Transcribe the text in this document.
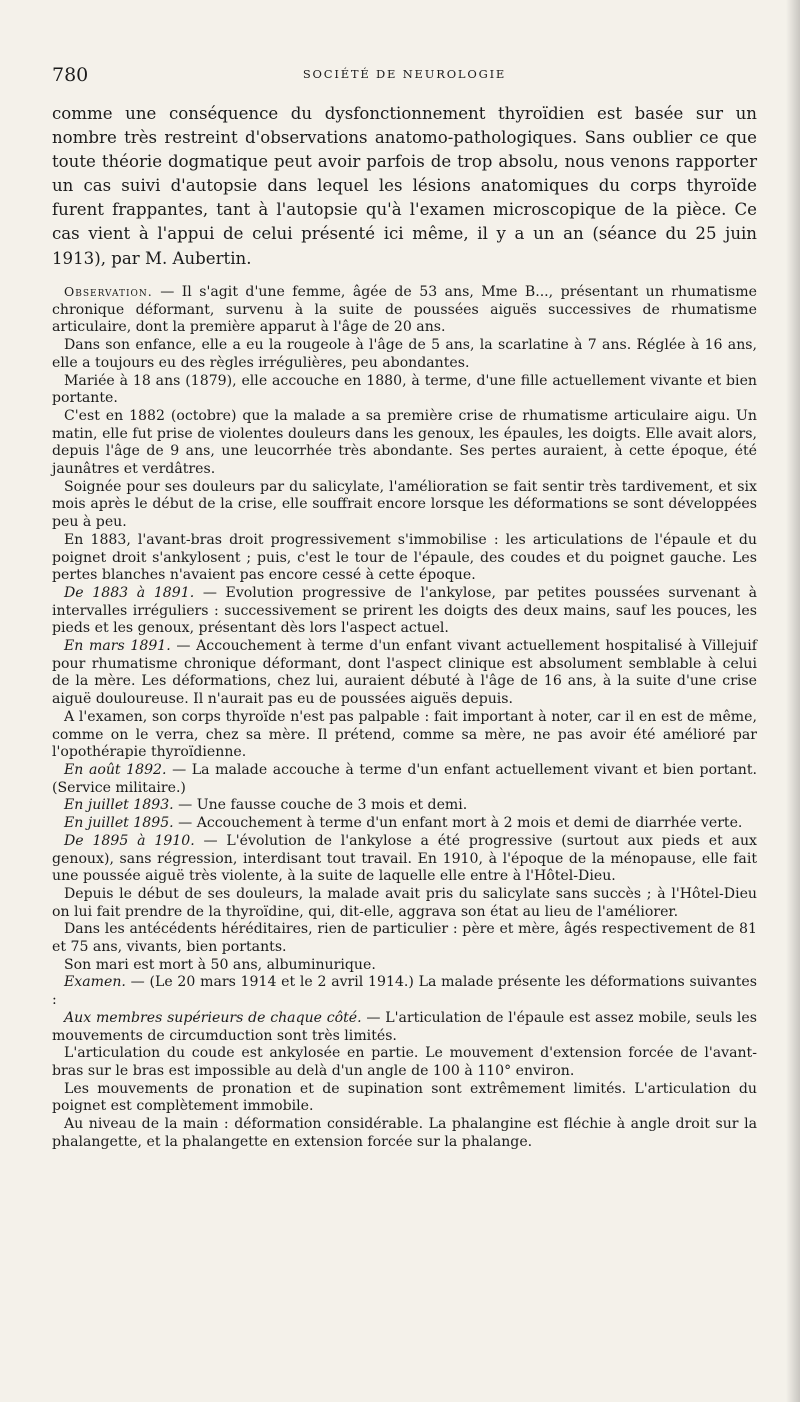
780	SOCIÉTÉ DE NEUROLOGIE

comme une conséquence du dysfonctionnement thyroïdien est basée sur un nombre très restreint d'observations anatomo-pathologiques. Sans oublier ce que toute théorie dogmatique peut avoir parfois de trop absolu, nous venons rapporter un cas suivi d'autopsie dans lequel les lésions anatomiques du corps thyroïde furent frappantes, tant à l'autopsie qu'à l'examen microscopique de la pièce. Ce cas vient à l'appui de celui présenté ici même, il y a un an (séance du 25 juin 1913), par M. Aubertin.

Observation. — Il s'agit d'une femme, âgée de 53 ans, Mme B..., présentant un rhumatisme chronique déformant, survenu à la suite de poussées aiguës successives de rhumatisme articulaire, dont la première apparut à l'âge de 20 ans.

Dans son enfance, elle a eu la rougeole à l'âge de 5 ans, la scarlatine à 7 ans. Réglée à 16 ans, elle a toujours eu des règles irrégulières, peu abondantes.

Mariée à 18 ans (1879), elle accouche en 1880, à terme, d'une fille actuellement vivante et bien portante.

C'est en 1882 (octobre) que la malade a sa première crise de rhumatisme articulaire aigu. Un matin, elle fut prise de violentes douleurs dans les genoux, les épaules, les doigts. Elle avait alors, depuis l'âge de 9 ans, une leucorrhée très abondante. Ses pertes auraient, à cette époque, été jaunâtres et verdâtres.

Soignée pour ses douleurs par du salicylate, l'amélioration se fait sentir très tardivement, et six mois après le début de la crise, elle souffrait encore lorsque les déformations se sont développées peu à peu.

En 1883, l'avant-bras droit progressivement s'immobilise : les articulations de l'épaule et du poignet droit s'ankylosent ; puis, c'est le tour de l'épaule, des coudes et du poignet gauche. Les pertes blanches n'avaient pas encore cessé à cette époque.

De 1883 à 1891. — Evolution progressive de l'ankylose, par petites poussées survenant à intervalles irréguliers : successivement se prirent les doigts des deux mains, sauf les pouces, les pieds et les genoux, présentant dès lors l'aspect actuel.

En mars 1891. — Accouchement à terme d'un enfant vivant actuellement hospitalisé à Villejuif pour rhumatisme chronique déformant, dont l'aspect clinique est absolument semblable à celui de la mère. Les déformations, chez lui, auraient débuté à l'âge de 16 ans, à la suite d'une crise aiguë douloureuse. Il n'aurait pas eu de poussées aiguës depuis.

A l'examen, son corps thyroïde n'est pas palpable : fait important à noter, car il en est de même, comme on le verra, chez sa mère. Il prétend, comme sa mère, ne pas avoir été amélioré par l'opothérapie thyroïdienne.

En août 1892. — La malade accouche à terme d'un enfant actuellement vivant et bien portant. (Service militaire.)

En juillet 1893. — Une fausse couche de 3 mois et demi.

En juillet 1895. — Accouchement à terme d'un enfant mort à 2 mois et demi de diarrhée verte.

De 1895 à 1910. — L'évolution de l'ankylose a été progressive (surtout aux pieds et aux genoux), sans régression, interdisant tout travail. En 1910, à l'époque de la ménopause, elle fait une poussée aiguë très violente, à la suite de laquelle elle entre à l'Hôtel-Dieu.

Depuis le début de ses douleurs, la malade avait pris du salicylate sans succès ; à l'Hôtel-Dieu on lui fait prendre de la thyroïdine, qui, dit-elle, aggrava son état au lieu de l'améliorer.

Dans les antécédents héréditaires, rien de particulier : père et mère, âgés respectivement de 81 et 75 ans, vivants, bien portants.

Son mari est mort à 50 ans, albuminurique.

Examen. — (Le 20 mars 1914 et le 2 avril 1914.) La malade présente les déformations suivantes :

Aux membres supérieurs de chaque côté. — L'articulation de l'épaule est assez mobile, seuls les mouvements de circumduction sont très limités.

L'articulation du coude est ankylosée en partie. Le mouvement d'extension forcée de l'avant-bras sur le bras est impossible au delà d'un angle de 100 à 110° environ.

Les mouvements de pronation et de supination sont extrêmement limités. L'articulation du poignet est complètement immobile.

Au niveau de la main : déformation considérable. La phalangine est fléchie à angle droit sur la phalangette, et la phalangette en extension forcée sur la phalange.
